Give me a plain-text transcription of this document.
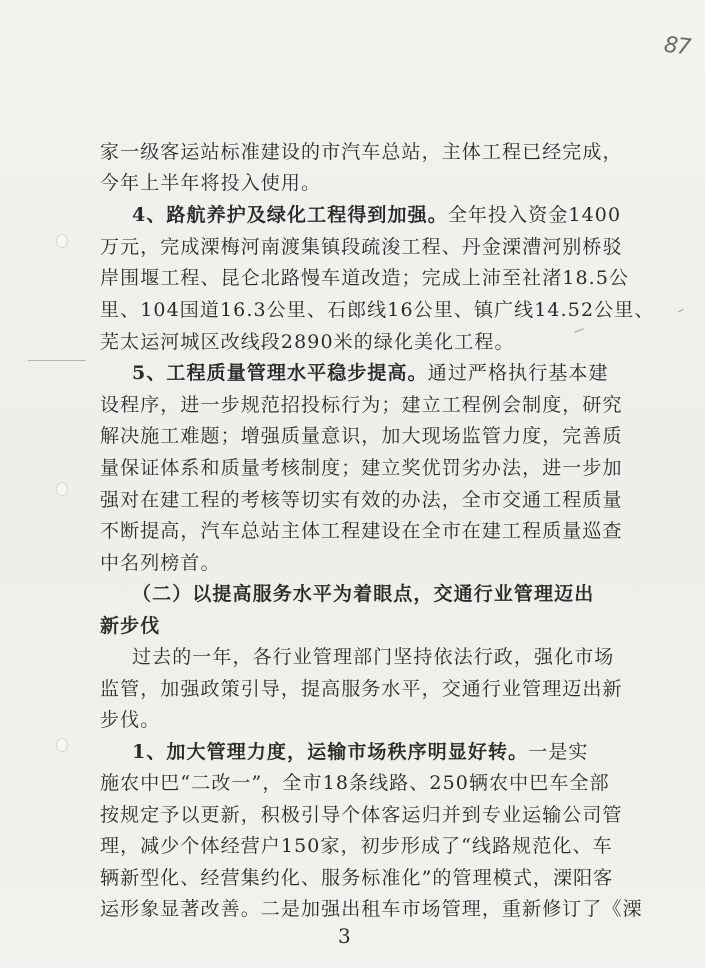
87
家一级客运站标准建设的市汽车总站，主体工程已经完成，
今年上半年将投入使用。
4、路航养护及绿化工程得到加强。全年投入资金1400
万元，完成溧梅河南渡集镇段疏浚工程、丹金溧漕河别桥驳
岸围堰工程、昆仑北路慢车道改造；完成上沛至社渚18.5公
里、104国道16.3公里、石郎线16公里、镇广线14.52公里、
芜太运河城区改线段2890米的绿化美化工程。
5、工程质量管理水平稳步提高。通过严格执行基本建
设程序，进一步规范招投标行为；建立工程例会制度，研究
解决施工难题；增强质量意识，加大现场监管力度，完善质
量保证体系和质量考核制度；建立奖优罚劣办法，进一步加
强对在建工程的考核等切实有效的办法，全市交通工程质量
不断提高，汽车总站主体工程建设在全市在建工程质量巡查
中名列榜首。
（二）以提高服务水平为着眼点，交通行业管理迈出
新步伐
过去的一年，各行业管理部门坚持依法行政，强化市场
监管，加强政策引导，提高服务水平，交通行业管理迈出新
步伐。
1、加大管理力度，运输市场秩序明显好转。一是实
施农中巴“二改一”，全市18条线路、250辆农中巴车全部
按规定予以更新，积极引导个体客运归并到专业运输公司管
理，减少个体经营户150家，初步形成了“线路规范化、车
辆新型化、经营集约化、服务标准化”的管理模式，溧阳客
运形象显著改善。二是加强出租车市场管理，重新修订了《溧
3
